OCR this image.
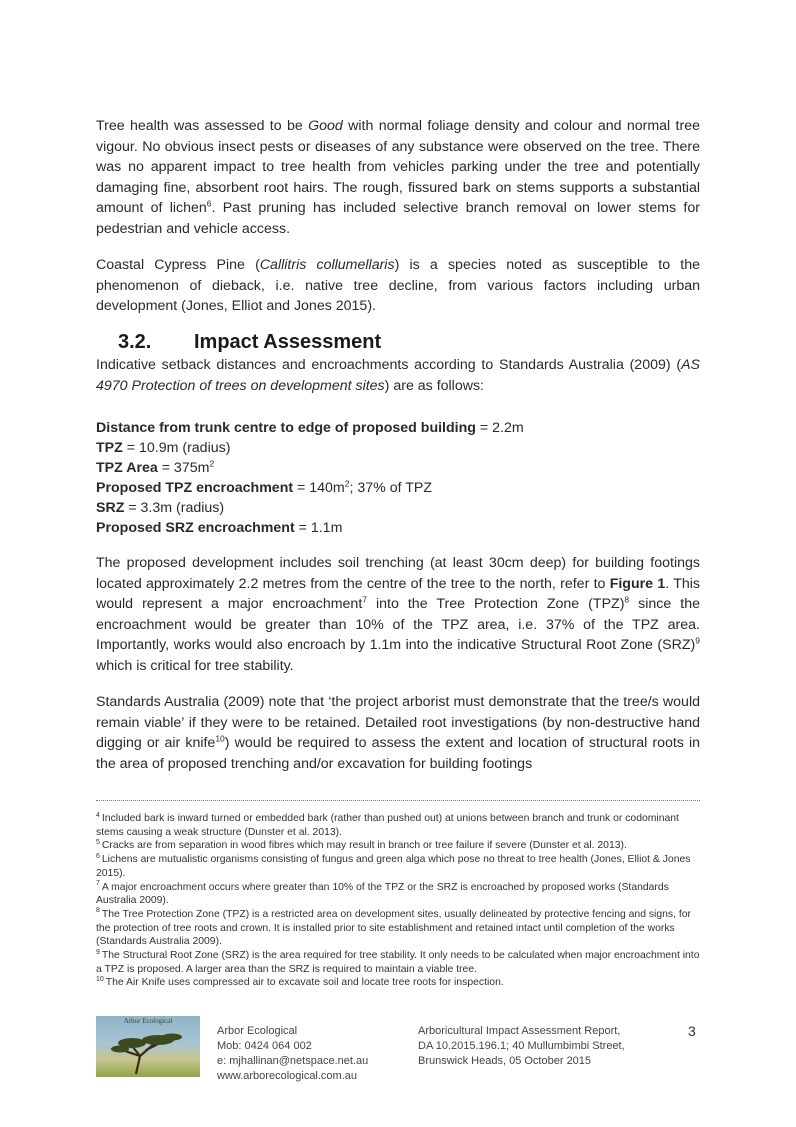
Tree health was assessed to be Good with normal foliage density and colour and normal tree vigour. No obvious insect pests or diseases of any substance were observed on the tree. There was no apparent impact to tree health from vehicles parking under the tree and potentially damaging fine, absorbent root hairs. The rough, fissured bark on stems supports a substantial amount of lichen$^6$. Past pruning has included selective branch removal on lower stems for pedestrian and vehicle access.

Coastal Cypress Pine (Callitris collumellaris) is a species noted as susceptible to the phenomenon of dieback, i.e. native tree decline, from various factors including urban development (Jones, Elliot and Jones 2015).

3.2. Impact Assessment

Indicative setback distances and encroachments according to Standards Australia (2009) (AS 4970 Protection of trees on development sites) are as follows:

Distance from trunk centre to edge of proposed building = 2.2m
TPZ = 10.9m (radius)
TPZ Area = $375m^2$
Proposed TPZ encroachment = $140m^2$; 37% of TPZ
SRZ = 3.3m (radius)
Proposed SRZ encroachment = 1.1m

The proposed development includes soil trenching (at least 30cm deep) for building footings located approximately 2.2 metres from the centre of the tree to the north, refer to Figure 1. This would represent a major encroachment$^7$ into the Tree Protection Zone (TPZ)$^8$ since the encroachment would be greater than 10% of the TPZ area, i.e. 37% of the TPZ area. Importantly, works would also encroach by 1.1m into the indicative Structural Root Zone (SRZ)$^9$ which is critical for tree stability.

Standards Australia (2009) note that ‘the project arborist must demonstrate that the tree/s would remain viable’ if they were to be retained. Detailed root investigations (by non-destructive hand digging or air knife$^{10}$) would be required to assess the extent and location of structural roots in the area of proposed trenching and/or excavation for building footings

$^4$ Included bark is inward turned or embedded bark (rather than pushed out) at unions between branch and trunk or codominant stems causing a weak structure (Dunster et al. 2013).

$^5$ Cracks are from separation in wood fibres which may result in branch or tree failure if severe (Dunster et al. 2013).

$^6$ Lichens are mutualistic organisms consisting of fungus and green alga which pose no threat to tree health (Jones, Elliot & Jones 2015).

$^7$ A major encroachment occurs where greater than 10% of the TPZ or the SRZ is encroached by proposed works (Standards Australia 2009).

$^8$ The Tree Protection Zone (TPZ) is a restricted area on development sites, usually delineated by protective fencing and signs, for the protection of tree roots and crown. It is installed prior to site establishment and retained intact until completion of the works (Standards Australia 2009).

$^9$ The Structural Root Zone (SRZ) is the area required for tree stability. It only needs to be calculated when major encroachment into a TPZ is proposed. A larger area than the SRZ is required to maintain a viable tree.

$^{10}$ The Air Knife uses compressed air to excavate soil and locate tree roots for inspection.

Arbor Ecological
Arbor Ecological
Mob: 0424 064 002
e: mjhallinan@netspace.net.au
www.arborecological.com.au
Arboricultural Impact Assessment Report,
DA 10.2015.196.1; 40 Mullumbimbi Street,
Brunswick Heads, 05 October 2015
3
